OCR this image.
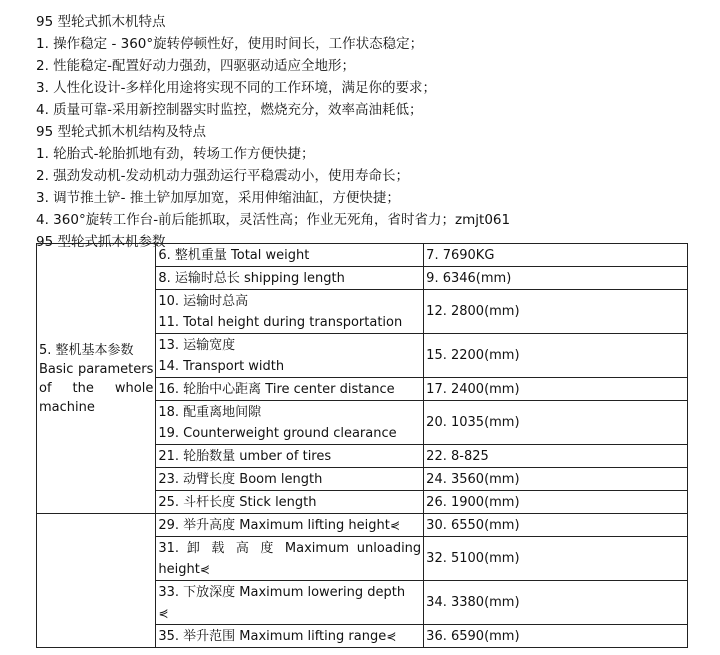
95 型轮式抓木机特点
1. 操作稳定 - 360°旋转停顿性好，使用时间长，工作状态稳定；
2. 性能稳定-配置好动力强劲，四驱驱动适应全地形；
3. 人性化设计-多样化用途将实现不同的工作环境，满足你的要求；
4. 质量可靠-采用新控制器实时监控，燃烧充分，效率高油耗低；
95 型轮式抓木机结构及特点
1. 轮胎式-轮胎抓地有劲，转场工作方便快捷；
2. 强劲发动机-发动机动力强劲运行平稳震动小，使用寿命长；
3. 调节推土铲- 推土铲加厚加宽，采用伸缩油缸，方便快捷；
4. 360°旋转工作台-前后能抓取，灵活性高；作业无死角，省时省力；zmjt061
95 型轮式抓木机参数
5. 整机基本参数
Basic parameters of the whole machine	6. 整机重量 Total weight	7. 7690KG
	8. 运输时总长 shipping length	9. 6346(mm)

	10. 运输时总高
11. Total height during transportation	12. 2800(mm)

	13. 运输宽度
14. Transport width	15. 2200(mm)
	16. 轮胎中心距离 Tire center distance	17. 2400(mm)

	18. 配重离地间隙
19. Counterweight ground clearance	20. 1035(mm)
	21. 轮胎数量 umber of tires	22. 8-825
	23. 动臂长度 Boom length	24. 3560(mm)
	25. 斗杆长度 Stick length	26. 1900(mm)
	29. 举升高度 Maximum lifting height⋞	30. 6550(mm)

	31. 卸 载 高 度 Maximum unloading
height⋞	32. 5100(mm)

	33. 下放深度 Maximum lowering depth
⋞	34. 3380(mm)
	35. 举升范围 Maximum lifting range⋞	36. 6590(mm)
